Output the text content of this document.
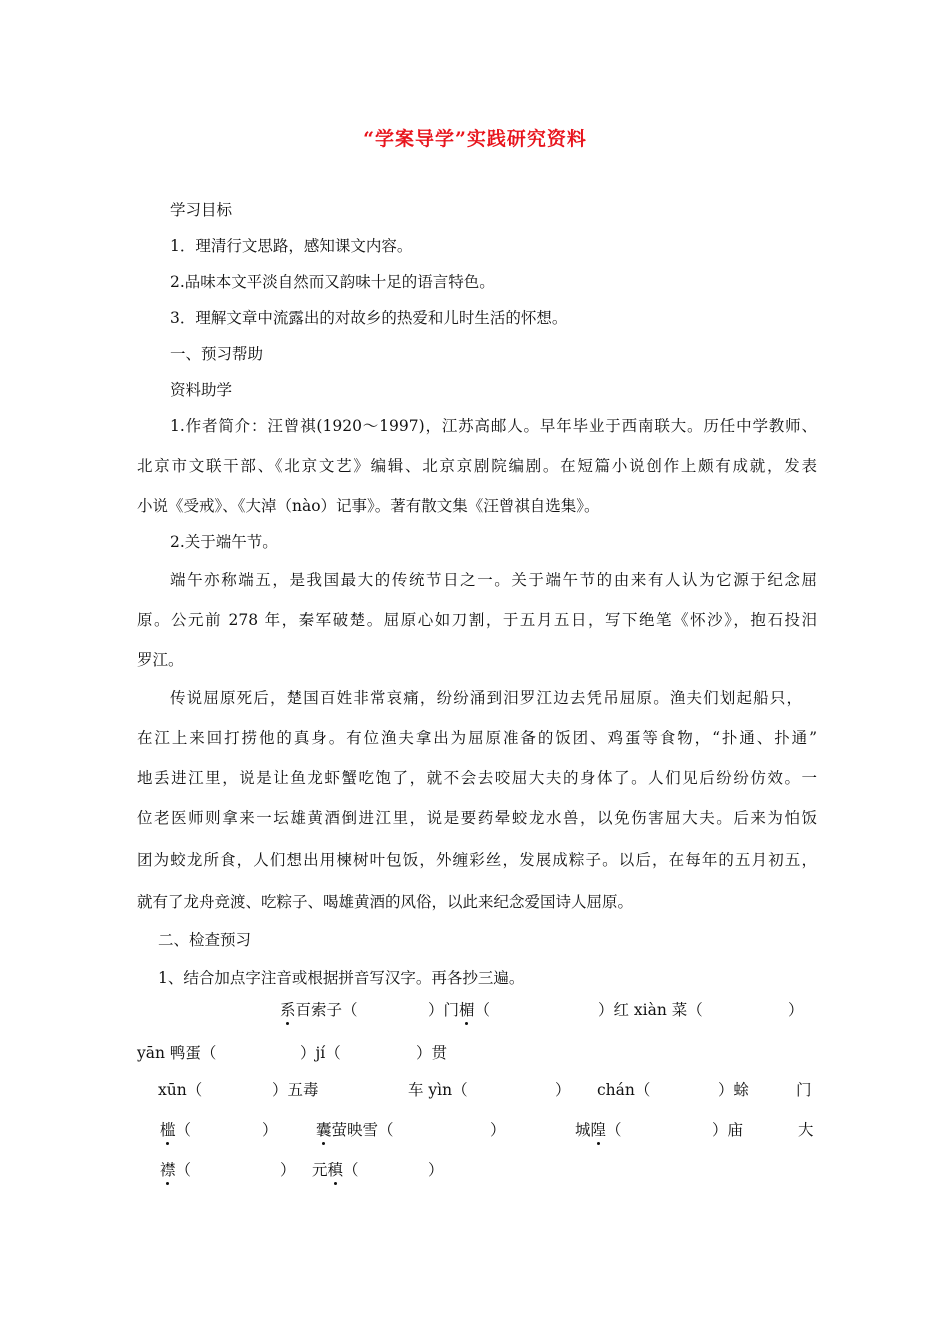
“学案导学”实践研究资料
学习目标
1．理清行文思路，感知课文内容。
2.品味本文平淡自然而又韵味十足的语言特色。
3．理解文章中流露出的对故乡的热爱和儿时生活的怀想。
一、预习帮助
资料助学
1.作者简介：汪曾祺(1920～1997)，江苏高邮人。早年毕业于西南联大。历任中学教师、
北京市文联干部、《北京文艺》编辑、北京京剧院编剧。在短篇小说创作上颇有成就，发表
小说《受戒》、《大淖（nào）记事》。著有散文集《汪曾祺自选集》。
2.关于端午节。
端午亦称端五，是我国最大的传统节日之一。关于端午节的由来有人认为它源于纪念屈
原。公元前 278 年，秦军破楚。屈原心如刀割，于五月五日，写下绝笔《怀沙》，抱石投汨
罗江。
传说屈原死后，楚国百姓非常哀痛，纷纷涌到汨罗江边去凭吊屈原。渔夫们划起船只，
在江上来回打捞他的真身。有位渔夫拿出为屈原准备的饭团、鸡蛋等食物，“扑通、扑通”
地丢进江里，说是让鱼龙虾蟹吃饱了，就不会去咬屈大夫的身体了。人们见后纷纷仿效。一
位老医师则拿来一坛雄黄酒倒进江里，说是要药晕蛟龙水兽，以免伤害屈大夫。后来为怕饭
团为蛟龙所食，人们想出用楝树叶包饭，外缠彩丝，发展成粽子。以后，在每年的五月初五，
就有了龙舟竞渡、吃粽子、喝雄黄酒的风俗，以此来纪念爱国诗人屈原。
二、检查预习
1、结合加点字注音或根据拼音写汉字。再各抄三遍。
系百索子（	）门楣（	）红 xiàn 菜（	）
yān 鸭蛋（	）jí（	）贯
xūn（	）五毒	车 yìn（	） chán（	）蜍	门
槛（	） 囊萤映雪（	）	城隍（	）庙	大
襟（	） 元稹（	）
